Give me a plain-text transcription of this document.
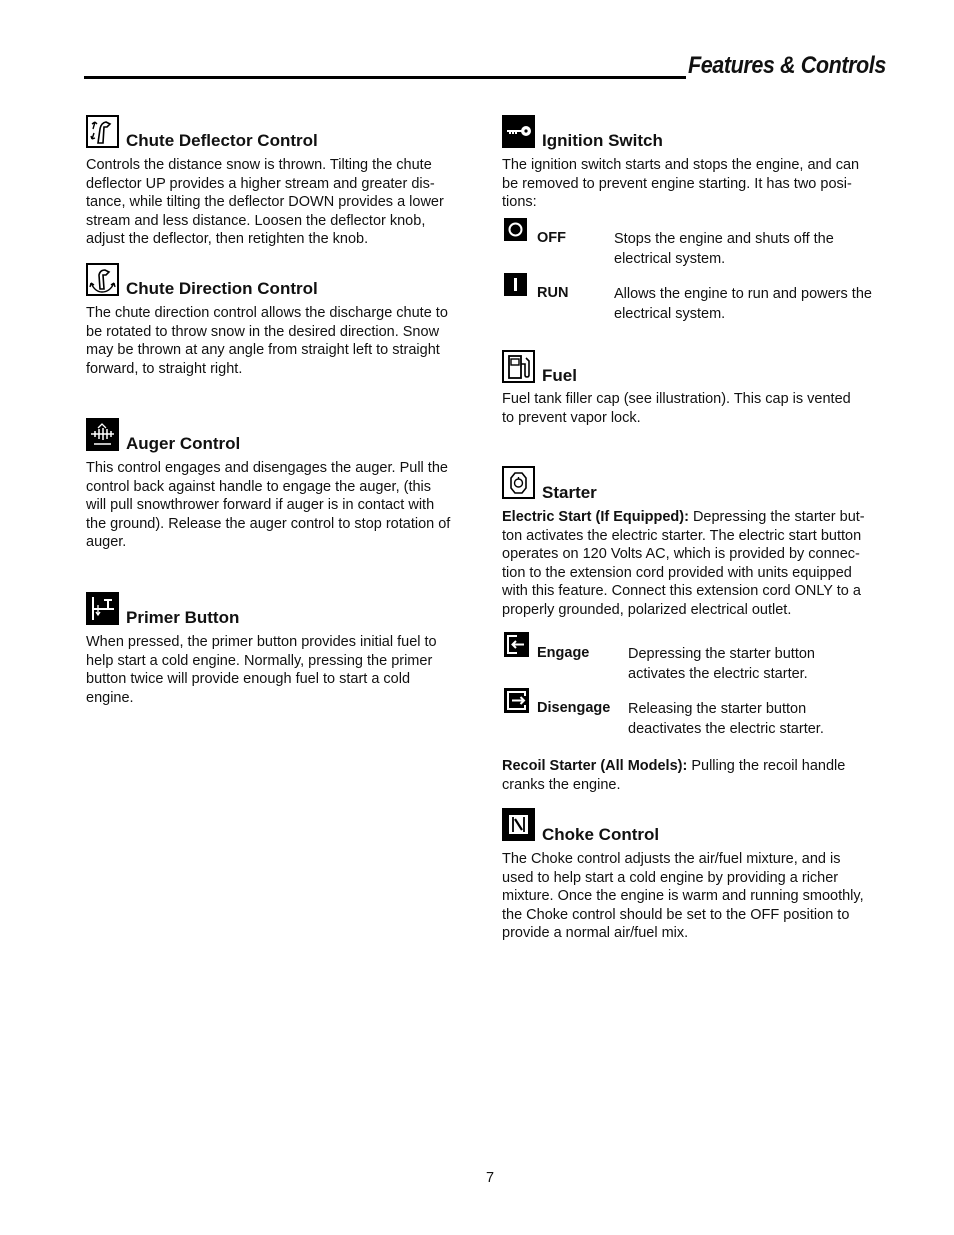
Features & Controls
Chute Deflector Control

Controls the distance snow is thrown. Tilting the chute

deflector UP provides a higher stream and greater dis-

tance, while tilting the deflector DOWN provides a lower

stream and less distance. Loosen the deflector knob,

adjust the deflector, then retighten the knob.

Chute Direction Control

The chute direction control allows the discharge chute to

be rotated to throw snow in the desired direction. Snow

may be thrown at any angle from straight left to straight

forward, to straight right.

Auger Control

This control engages and disengages the auger. Pull the

control back against handle to engage the auger, (this

will pull snowthrower forward if auger is in contact with

the ground). Release the auger control to stop rotation of

auger.

Primer Button

When pressed, the primer button provides initial fuel to

help start a cold engine. Normally, pressing the primer

button twice will provide enough fuel to start a cold

engine.

Ignition Switch

The ignition switch starts and stops the engine, and can

be removed to prevent engine starting. It has two posi-

tions:

OFF	Stops the engine and shuts off the

electrical system.

RUN	Allows the engine to run and powers the

electrical system.

Fuel

Fuel tank filler cap (see illustration). This cap is vented

to prevent vapor lock.

Starter

Electric Start (If Equipped): Depressing the starter but-

ton activates the electric starter. The electric start button

operates on 120 Volts AC, which is provided by connec-

tion to the extension cord provided with units equipped

with this feature. Connect this extension cord ONLY to a

properly grounded, polarized electrical outlet.

Engage	Depressing the starter button

activates the electric starter.

Disengage Releasing the starter button

deactivates the electric starter.

Recoil Starter (All Models): Pulling the recoil handle

cranks the engine.

Choke Control

The Choke control adjusts the air/fuel mixture, and is

used to help start a cold engine by providing a richer

mixture. Once the engine is warm and running smoothly,

the Choke control should be set to the OFF position to

provide a normal air/fuel mix.

7
